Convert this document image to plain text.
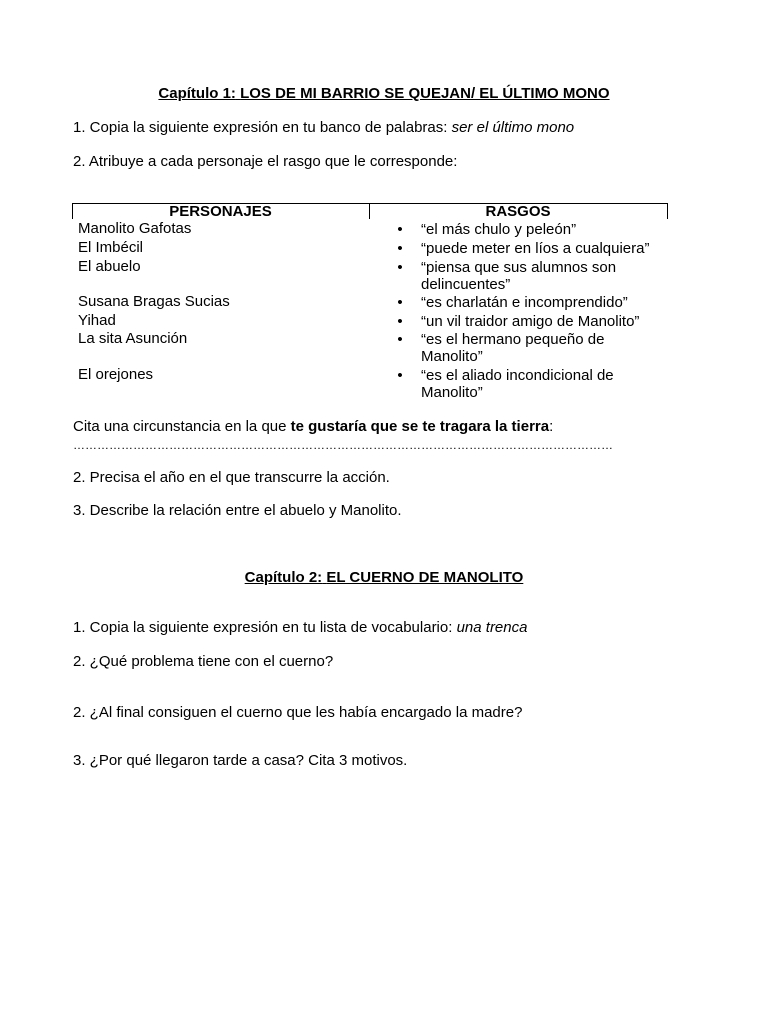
Capítulo 1: LOS DE MI BARRIO SE QUEJAN/ EL ÚLTIMO MONO
1. Copia la siguiente expresión en tu banco de palabras: ser el último mono
2. Atribuye a cada personaje el rasgo que le corresponde:
PERSONAJES	RASGOS
Manolito Gafotas
El Imbécil
El abuelo
Susana Bragas Sucias
Yihad
La sita Asunción
El orejones
• “el más chulo y peleón”
• “puede meter en líos a cualquiera”
• “piensa que sus alumnos son
delincuentes”
• “es charlatán e incomprendido”
• “un vil traidor amigo de Manolito”
• “es el hermano pequeño de
Manolito”
• “es el aliado incondicional de
Manolito”
Cita una circunstancia en la que te gustaría que se te tragara la tierra:
………………………………………………………………………………………………………………………
2. Precisa el año en el que transcurre la acción.
3. Describe la relación entre el abuelo y Manolito.
Capítulo 2: EL CUERNO DE MANOLITO
1. Copia la siguiente expresión en tu lista de vocabulario: una trenca
2. ¿Qué problema tiene con el cuerno?
2. ¿Al final consiguen el cuerno que les había encargado la madre?
3. ¿Por qué llegaron tarde a casa? Cita 3 motivos.
